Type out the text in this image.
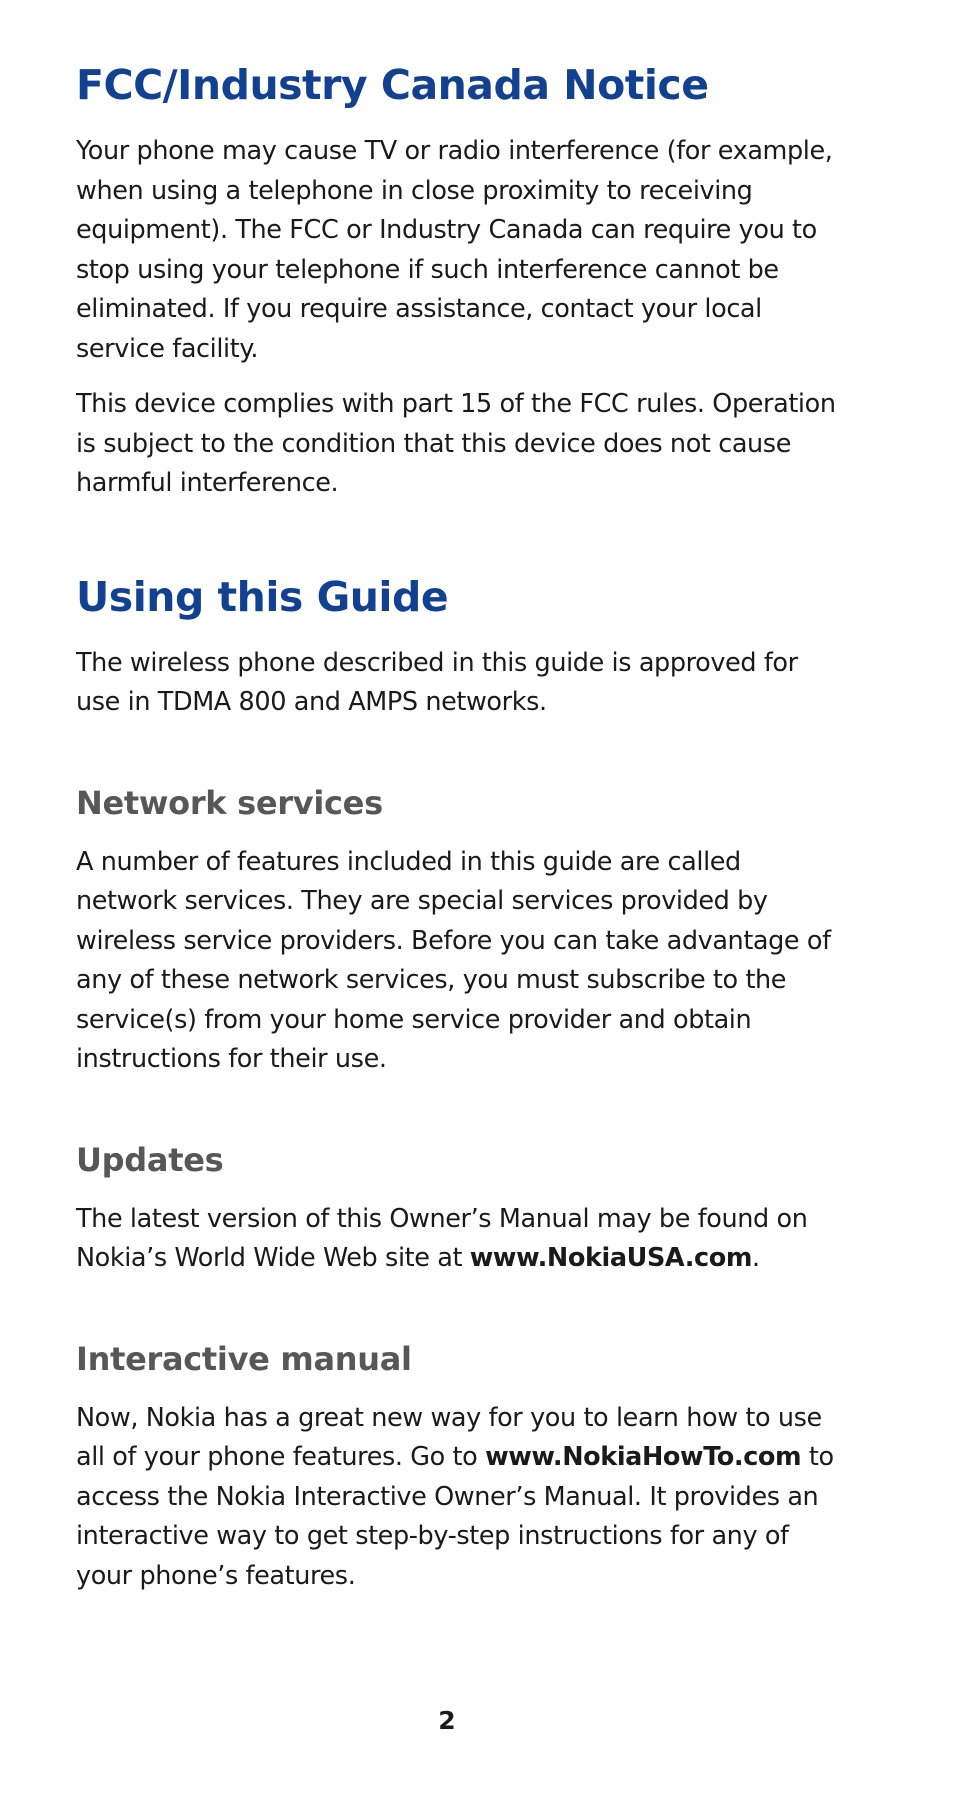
FCC/Industry Canada Notice

Your phone may cause TV or radio interference (for example, when using a telephone in close proximity to receiving equipment). The FCC or Industry Canada can require you to stop using your telephone if such interference cannot be eliminated. If you require assistance, contact your local service facility.

This device complies with part 15 of the FCC rules. Operation is subject to the condition that this device does not cause harmful interference.

Using this Guide

The wireless phone described in this guide is approved for use in TDMA 800 and AMPS networks.

Network services

A number of features included in this guide are called network services. They are special services provided by wireless service providers. Before you can take advantage of any of these network services, you must subscribe to the service(s) from your home service provider and obtain instructions for their use.

Updates

The latest version of this Owner’s Manual may be found on Nokia’s World Wide Web site at www.NokiaUSA.com.

Interactive manual

Now, Nokia has a great new way for you to learn how to use all of your phone features. Go to www.NokiaHowTo.com to access the Nokia Interactive Owner’s Manual. It provides an interactive way to get step-by-step instructions for any of your phone’s features.

2
